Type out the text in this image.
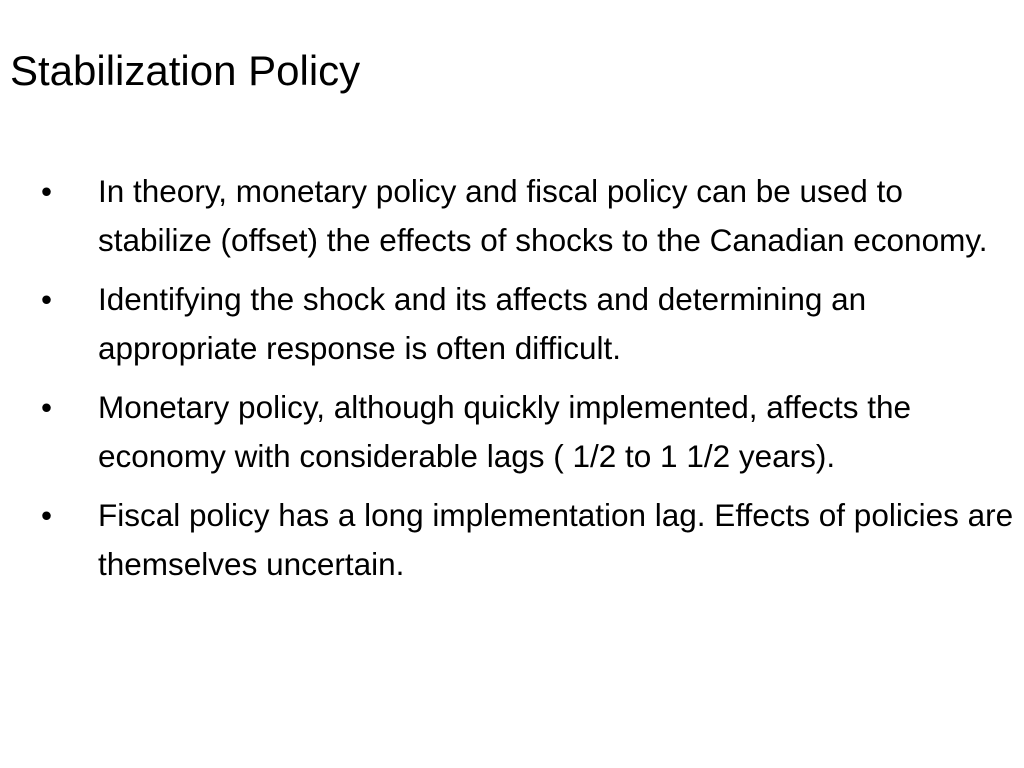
Stabilization Policy
• In theory, monetary policy and fiscal policy can be used to stabilize (offset) the effects of shocks to the Canadian economy.
• Identifying the shock and its affects and determining an appropriate response is often difficult.
• Monetary policy, although quickly implemented, affects the economy with considerable lags ( 1/2 to 1 1/2 years).
• Fiscal policy has a long implementation lag. Effects of policies are themselves uncertain.
